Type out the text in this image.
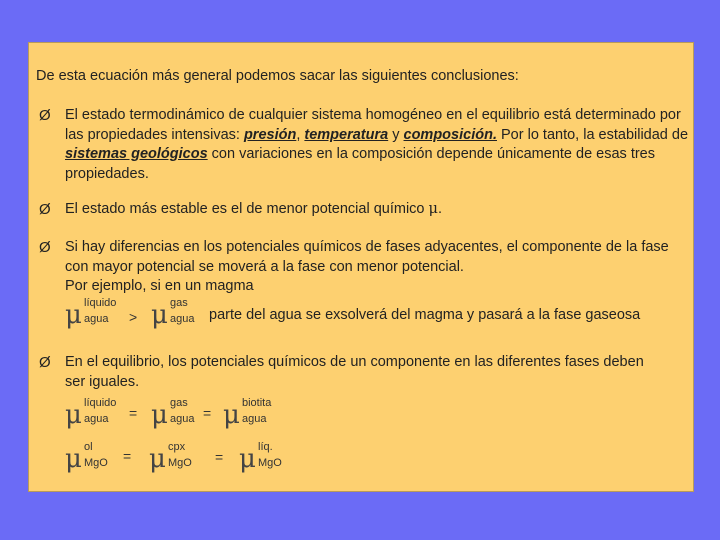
De esta ecuación más general podemos sacar las siguientes conclusiones:
Ø El estado termodinámico de cualquier sistema homogéneo en el equilibrio está determinado por las propiedades intensivas: presión, temperatura y composición. Por lo tanto, la estabilidad de sistemas geológicos con variaciones en la composición depende únicamente de esas tres propiedades.
Ø El estado más estable es el de menor potencial químico μ.
Ø Si hay diferencias en los potenciales químicos de fases adyacentes, el componente de la fase con mayor potencial se moverá a la fase con menor potencial.
Por ejemplo, si en un magma
μ líquido
agua > μ gas
agua parte del agua se exsolverá del magma y pasará a la fase gaseosa
Ø En el equilibrio, los potenciales químicos de un componente en las diferentes fases deben ser iguales.
μ líquido
agua = μ gas
agua = μ biotita
agua
μ ol
MgO = μ cpx
MgO = μ líq.
MgO
